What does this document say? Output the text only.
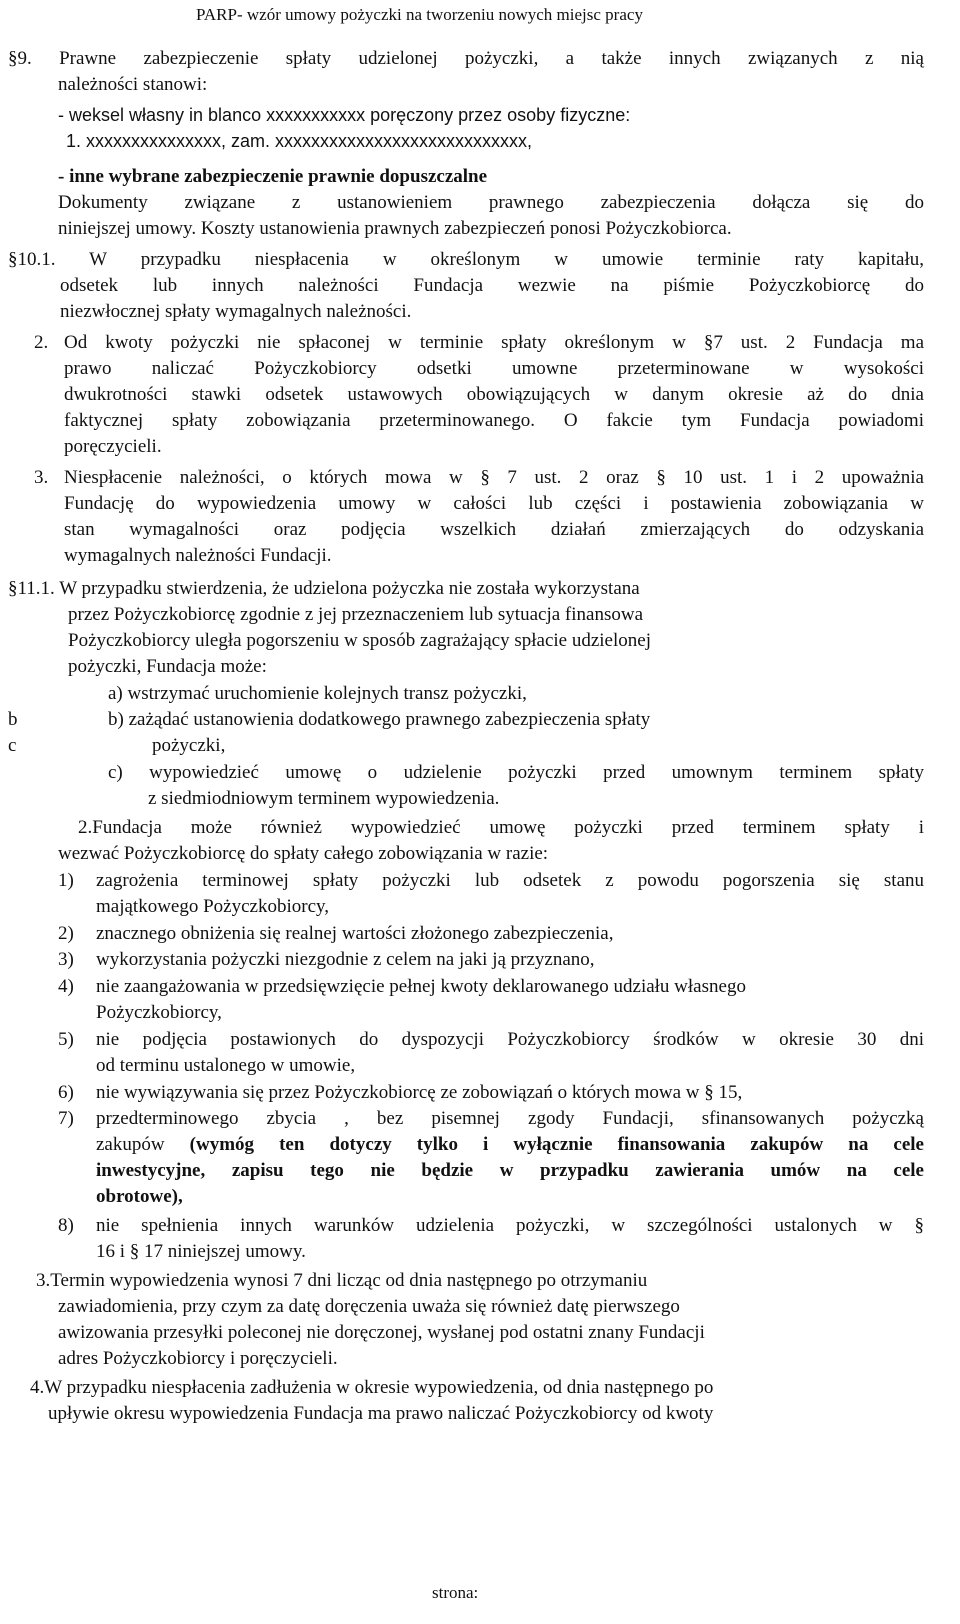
PARP- wzór umowy pożyczki na tworzeniu nowych miejsc pracy
§9. Prawne zabezpieczenie spłaty udzielonej pożyczki, a także innych związanych z nią
należności stanowi:
- weksel własny in blanco xxxxxxxxxxx poręczony przez osoby fizyczne:
1. xxxxxxxxxxxxxxx, zam. xxxxxxxxxxxxxxxxxxxxxxxxxxxx,
- inne wybrane zabezpieczenie prawnie dopuszczalne
Dokumenty związane z ustanowieniem prawnego zabezpieczenia dołącza się do
niniejszej umowy. Koszty ustanowienia prawnych zabezpieczeń ponosi Pożyczkobiorca.
§10.1. W przypadku niespłacenia w określonym w umowie terminie raty kapitału,
odsetek lub innych należności Fundacja wezwie na piśmie Pożyczkobiorcę do
niezwłocznej spłaty wymagalnych należności.
2. Od kwoty pożyczki nie spłaconej w terminie spłaty określonym w §7 ust. 2 Fundacja ma
prawo naliczać Pożyczkobiorcy odsetki umowne przeterminowane w wysokości
dwukrotności stawki odsetek ustawowych obowiązujących w danym okresie aż do dnia
faktycznej spłaty zobowiązania przeterminowanego. O fakcie tym Fundacja powiadomi
poręczycieli.
3. Niespłacenie należności, o których mowa w § 7 ust. 2 oraz § 10 ust. 1 i 2 upoważnia
Fundację do wypowiedzenia umowy w całości lub części i postawienia zobowiązania w
stan wymagalności oraz podjęcia wszelkich działań zmierzających do odzyskania
wymagalnych należności Fundacji.
§11.1. W przypadku stwierdzenia, że udzielona pożyczka nie została wykorzystana
przez Pożyczkobiorcę zgodnie z jej przeznaczeniem lub sytuacja finansowa
Pożyczkobiorcy uległa pogorszeniu w sposób zagrażający spłacie udzielonej
pożyczki, Fundacja może:
a) wstrzymać uruchomienie kolejnych transz pożyczki,
b	b) zażądać ustanowienia dodatkowego prawnego zabezpieczenia spłaty
c	pożyczki,
c) wypowiedzieć umowę o udzielenie pożyczki przed umownym terminem spłaty
z siedmiodniowym terminem wypowiedzenia.
2.Fundacja może również wypowiedzieć umowę pożyczki przed terminem spłaty i
wezwać Pożyczkobiorcę do spłaty całego zobowiązania w razie:
1) zagrożenia terminowej spłaty pożyczki lub odsetek z powodu pogorszenia się stanu
majątkowego Pożyczkobiorcy,
2) znacznego obniżenia się realnej wartości złożonego zabezpieczenia,
3) wykorzystania pożyczki niezgodnie z celem na jaki ją przyznano,
4) nie zaangażowania w przedsięwzięcie pełnej kwoty deklarowanego udziału własnego
Pożyczkobiorcy,
5) nie podjęcia postawionych do dyspozycji Pożyczkobiorcy środków w okresie 30 dni
od terminu ustalonego w umowie,
6) nie wywiązywania się przez Pożyczkobiorcę ze zobowiązań o których mowa w § 15,
7) przedterminowego zbycia , bez pisemnej zgody Fundacji, sfinansowanych pożyczką
zakupów (wymóg ten dotyczy tylko i wyłącznie finansowania zakupów na cele
inwestycyjne, zapisu tego nie będzie w przypadku zawierania umów na cele
obrotowe),
8) nie spełnienia innych warunków udzielenia pożyczki, w szczególności ustalonych w §
16 i § 17 niniejszej umowy.
3.Termin wypowiedzenia wynosi 7 dni licząc od dnia następnego po otrzymaniu
zawiadomienia, przy czym za datę doręczenia uważa się również datę pierwszego
awizowania przesyłki poleconej nie doręczonej, wysłanej pod ostatni znany Fundacji
adres Pożyczkobiorcy i poręczycieli.
4.W przypadku niespłacenia zadłużenia w okresie wypowiedzenia, od dnia następnego po
upływie okresu wypowiedzenia Fundacja ma prawo naliczać Pożyczkobiorcy od kwoty
strona:
